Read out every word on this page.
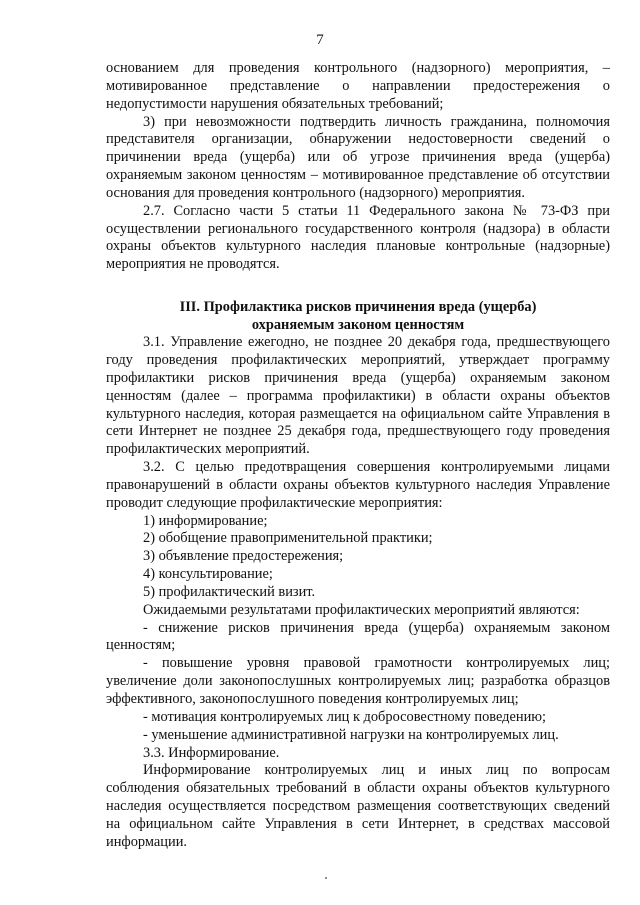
7

основанием для проведения контрольного (надзорного) мероприятия, – мотивированное представление о направлении предостережения о недопустимости нарушения обязательных требований;

3) при невозможности подтвердить личность гражданина, полномочия представителя организации, обнаружении недостоверности сведений о причинении вреда (ущерба) или об угрозе причинения вреда (ущерба) охраняемым законом ценностям – мотивированное представление об отсутствии основания для проведения контрольного (надзорного) мероприятия.

2.7. Согласно части 5 статьи 11 Федерального закона № 73-ФЗ при осуществлении регионального государственного контроля (надзора) в области охраны объектов культурного наследия плановые контрольные (надзорные) мероприятия не проводятся.

III. Профилактика рисков причинения вреда (ущерба)
охраняемым законом ценностям

3.1. Управление ежегодно, не позднее 20 декабря года, предшествующего году проведения профилактических мероприятий, утверждает программу профилактики рисков причинения вреда (ущерба) охраняемым законом ценностям (далее – программа профилактики) в области охраны объектов культурного наследия, которая размещается на официальном сайте Управления в сети Интернет не позднее 25 декабря года, предшествующего году проведения профилактических мероприятий.

3.2. С целью предотвращения совершения контролируемыми лицами правонарушений в области охраны объектов культурного наследия Управление проводит следующие профилактические мероприятия:

1) информирование;

2) обобщение правоприменительной практики;

3) объявление предостережения;

4) консультирование;

5) профилактический визит.

Ожидаемыми результатами профилактических мероприятий являются:

- снижение рисков причинения вреда (ущерба) охраняемым законом ценностям;

- повышение уровня правовой грамотности контролируемых лиц; увеличение доли законопослушных контролируемых лиц; разработка образцов эффективного, законопослушного поведения контролируемых лиц;

- мотивация контролируемых лиц к добросовестному поведению;

- уменьшение административной нагрузки на контролируемых лиц.

3.3. Информирование.

Информирование контролируемых лиц и иных лиц по вопросам соблюдения обязательных требований в области охраны объектов культурного наследия осуществляется посредством размещения соответствующих сведений на официальном сайте Управления в сети Интернет, в средствах массовой информации.
